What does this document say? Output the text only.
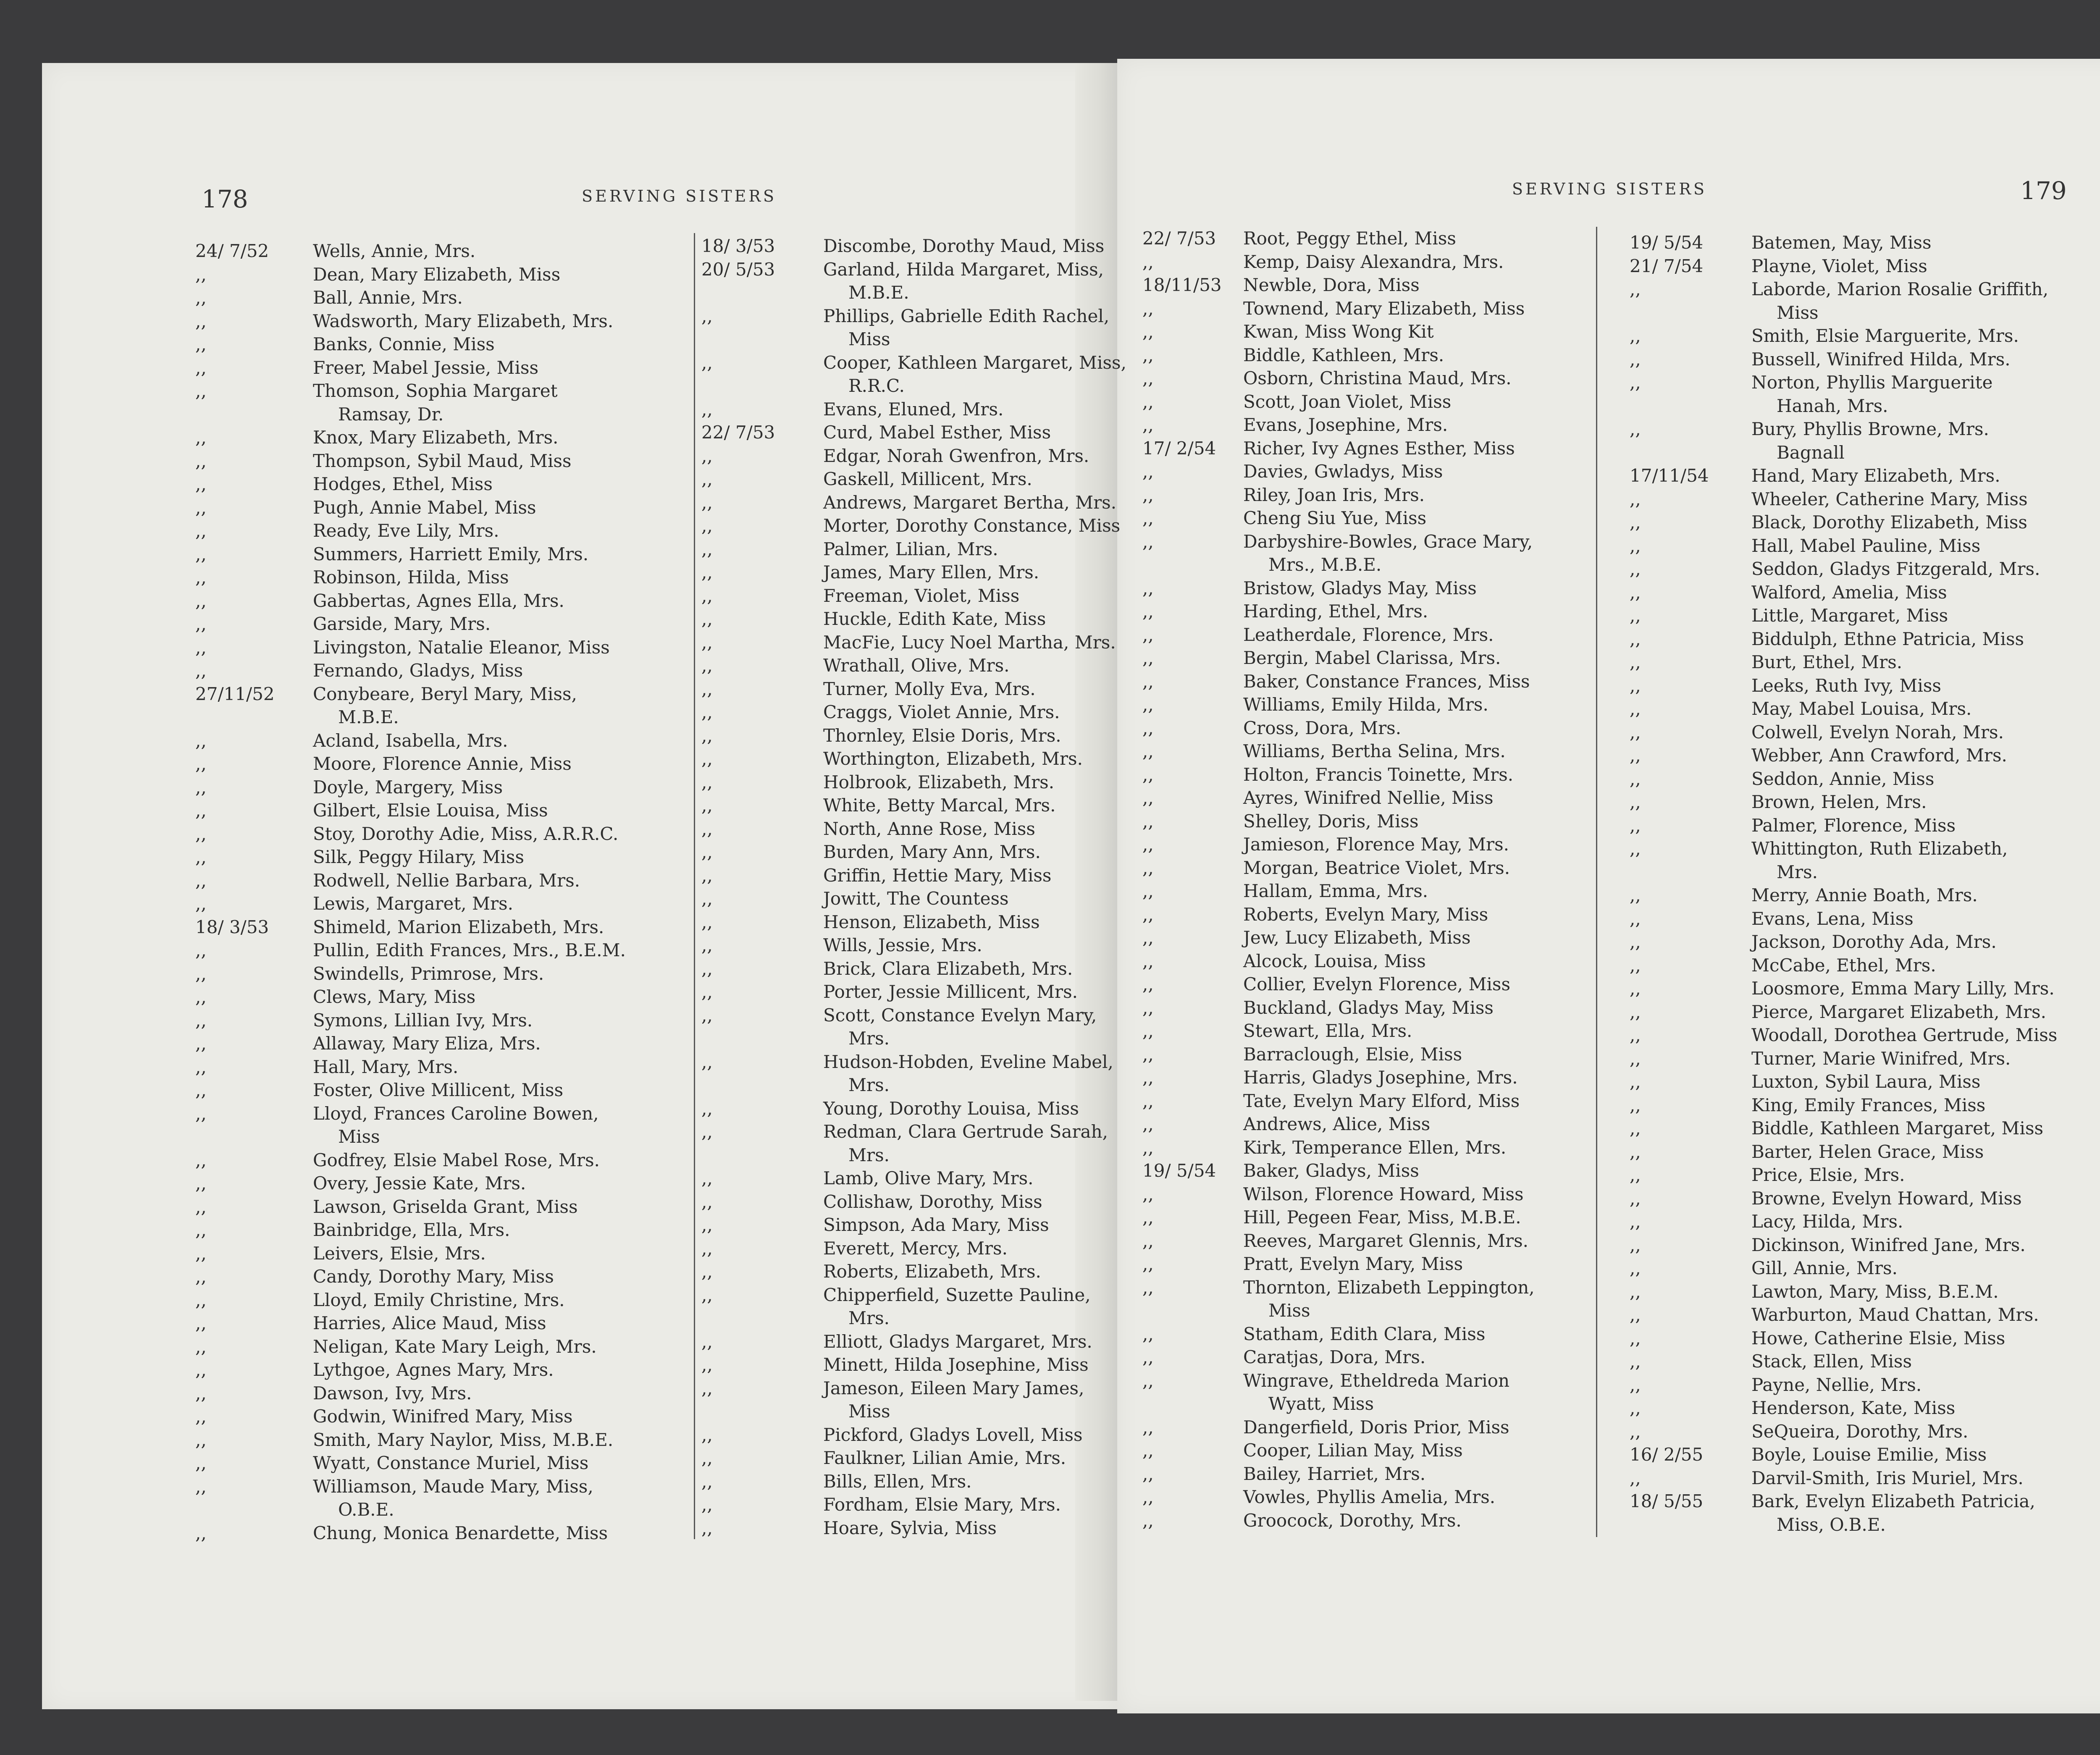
178	SERVING SISTERS	179
SERVING SISTERS
24/ 7/52 Wells, Annie, Mrs.
,,	Dean, Mary Elizabeth, Miss
,,	Ball, Annie, Mrs.
,,	Wadsworth, Mary Elizabeth, Mrs.
,,	Banks, Connie, Miss
,,	Freer, Mabel Jessie, Miss
,,	Thomson, Sophia Margaret
Ramsay, Dr.
,,	Knox, Mary Elizabeth, Mrs.
,,	Thompson, Sybil Maud, Miss
,,	Hodges, Ethel, Miss
,,	Pugh, Annie Mabel, Miss
,,	Ready, Eve Lily, Mrs.
,,	Summers, Harriett Emily, Mrs.
,,	Robinson, Hilda, Miss
,,	Gabbertas, Agnes Ella, Mrs.
,,	Garside, Mary, Mrs.
,,	Livingston, Natalie Eleanor, Miss
,,	Fernando, Gladys, Miss
27/11/52 Conybeare, Beryl Mary, Miss,
M.B.E.
,,	Acland, Isabella, Mrs.
,,	Moore, Florence Annie, Miss
,,	Doyle, Margery, Miss
,,	Gilbert, Elsie Louisa, Miss
,,	Stoy, Dorothy Adie, Miss, A.R.R.C.
,,	Silk, Peggy Hilary, Miss
,,	Rodwell, Nellie Barbara, Mrs.
,,	Lewis, Margaret, Mrs.
18/ 3/53 Shimeld, Marion Elizabeth, Mrs.
,,	Pullin, Edith Frances, Mrs., B.E.M.
,,	Swindells, Primrose, Mrs.
,,	Clews, Mary, Miss
,,	Symons, Lillian Ivy, Mrs.
,,	Allaway, Mary Eliza, Mrs.
,,	Hall, Mary, Mrs.
,,	Foster, Olive Millicent, Miss
,,	Lloyd, Frances Caroline Bowen,
Miss
,,	Godfrey, Elsie Mabel Rose, Mrs.
,,	Overy, Jessie Kate, Mrs.
,,	Lawson, Griselda Grant, Miss
,,	Bainbridge, Ella, Mrs.
,,	Leivers, Elsie, Mrs.
,,	Candy, Dorothy Mary, Miss
,,	Lloyd, Emily Christine, Mrs.
,,	Harries, Alice Maud, Miss
,,	Neligan, Kate Mary Leigh, Mrs.
,,	Lythgoe, Agnes Mary, Mrs.
,,	Dawson, Ivy, Mrs.
,,	Godwin, Winifred Mary, Miss
,,	Smith, Mary Naylor, Miss, M.B.E.
,,	Wyatt, Constance Muriel, Miss
,,	Williamson, Maude Mary, Miss,
O.B.E.
,,	Chung, Monica Benardette, Miss
18/ 3/53	Discombe, Dorothy Maud, Miss
20/ 5/53	Garland, Hilda Margaret, Miss,
M.B.E.
,,	Phillips, Gabrielle Edith Rachel,
Miss
,,	Cooper, Kathleen Margaret, Miss,
R.R.C.
,,	Evans, Eluned, Mrs.
22/ 7/53	Curd, Mabel Esther, Miss
,,	Edgar, Norah Gwenfron, Mrs.
,,	Gaskell, Millicent, Mrs.
,,	Andrews, Margaret Bertha, Mrs.
,,	Morter, Dorothy Constance, Miss
,,	Palmer, Lilian, Mrs.
,,	James, Mary Ellen, Mrs.
,,	Freeman, Violet, Miss
,,	Huckle, Edith Kate, Miss
,,	MacFie, Lucy Noel Martha, Mrs.
,,	Wrathall, Olive, Mrs.
,,	Turner, Molly Eva, Mrs.
,,	Craggs, Violet Annie, Mrs.
,,	Thornley, Elsie Doris, Mrs.
,,	Worthington, Elizabeth, Mrs.
,,	Holbrook, Elizabeth, Mrs.
,,	White, Betty Marcal, Mrs.
,,	North, Anne Rose, Miss
,,	Burden, Mary Ann, Mrs.
,,	Griffin, Hettie Mary, Miss
,,	Jowitt, The Countess
,,	Henson, Elizabeth, Miss
,,	Wills, Jessie, Mrs.
,,	Brick, Clara Elizabeth, Mrs.
,,	Porter, Jessie Millicent, Mrs.
,,	Scott, Constance Evelyn Mary,
Mrs.
,,	Hudson-Hobden, Eveline Mabel,
Mrs.
,,	Young, Dorothy Louisa, Miss
,,	Redman, Clara Gertrude Sarah,
Mrs.
,,	Lamb, Olive Mary, Mrs.
,,	Collishaw, Dorothy, Miss
,,	Simpson, Ada Mary, Miss
,,	Everett, Mercy, Mrs.
,,	Roberts, Elizabeth, Mrs.
,,	Chipperfield, Suzette Pauline,
Mrs.
,,	Elliott, Gladys Margaret, Mrs.
,,	Minett, Hilda Josephine, Miss
,,	Jameson, Eileen Mary James,
Miss
,,	Pickford, Gladys Lovell, Miss
,,	Faulkner, Lilian Amie, Mrs.
,,	Bills, Ellen, Mrs.
,,	Fordham, Elsie Mary, Mrs.
,,	Hoare, Sylvia, Miss
22/ 7/53 Root, Peggy Ethel, Miss
,,	Kemp, Daisy Alexandra, Mrs.
18/11/53 Newble, Dora, Miss
,,	Townend, Mary Elizabeth, Miss
,,	Kwan, Miss Wong Kit
,,	Biddle, Kathleen, Mrs.
,,	Osborn, Christina Maud, Mrs.
,,	Scott, Joan Violet, Miss
,,	Evans, Josephine, Mrs.
17/ 2/54 Richer, Ivy Agnes Esther, Miss
,,	Davies, Gwladys, Miss
,,	Riley, Joan Iris, Mrs.
,,	Cheng Siu Yue, Miss
,,	Darbyshire-Bowles, Grace Mary,
Mrs., M.B.E.
,,	Bristow, Gladys May, Miss
,,	Harding, Ethel, Mrs.
,,	Leatherdale, Florence, Mrs.
,,	Bergin, Mabel Clarissa, Mrs.
,,	Baker, Constance Frances, Miss
,,	Williams, Emily Hilda, Mrs.
,,	Cross, Dora, Mrs.
,,	Williams, Bertha Selina, Mrs.
,,	Holton, Francis Toinette, Mrs.
,,	Ayres, Winifred Nellie, Miss
,,	Shelley, Doris, Miss
,,	Jamieson, Florence May, Mrs.
,,	Morgan, Beatrice Violet, Mrs.
,,	Hallam, Emma, Mrs.
,,	Roberts, Evelyn Mary, Miss
,,	Jew, Lucy Elizabeth, Miss
,,	Alcock, Louisa, Miss
,,	Collier, Evelyn Florence, Miss
,,	Buckland, Gladys May, Miss
,,	Stewart, Ella, Mrs.
,,	Barraclough, Elsie, Miss
,,	Harris, Gladys Josephine, Mrs.
,,	Tate, Evelyn Mary Elford, Miss
,,	Andrews, Alice, Miss
,,	Kirk, Temperance Ellen, Mrs.
19/ 5/54 Baker, Gladys, Miss
,,	Wilson, Florence Howard, Miss
,,	Hill, Pegeen Fear, Miss, M.B.E.
,,	Reeves, Margaret Glennis, Mrs.
,,	Pratt, Evelyn Mary, Miss
,,	Thornton, Elizabeth Leppington,
Miss
,,	Statham, Edith Clara, Miss
,,	Caratjas, Dora, Mrs.
,,	Wingrave, Etheldreda Marion
Wyatt, Miss
,,	Dangerfield, Doris Prior, Miss
,,	Cooper, Lilian May, Miss
,,	Bailey, Harriet, Mrs.
,,	Vowles, Phyllis Amelia, Mrs.
,,	Groocock, Dorothy, Mrs.
19/ 5/54	Batemen, May, Miss
21/ 7/54	Playne, Violet, Miss
,,	Laborde, Marion Rosalie Griffith,
Miss
,,	Smith, Elsie Marguerite, Mrs.
,,	Bussell, Winifred Hilda, Mrs.
,,	Norton, Phyllis Marguerite
Hanah, Mrs.
,,	Bury, Phyllis Browne, Mrs.
Bagnall
17/11/54 Hand, Mary Elizabeth, Mrs.
,,	Wheeler, Catherine Mary, Miss
,,	Black, Dorothy Elizabeth, Miss
,,	Hall, Mabel Pauline, Miss
,,	Seddon, Gladys Fitzgerald, Mrs.
,,	Walford, Amelia, Miss
,,	Little, Margaret, Miss
,,	Biddulph, Ethne Patricia, Miss
,,	Burt, Ethel, Mrs.
,,	Leeks, Ruth Ivy, Miss
,,	May, Mabel Louisa, Mrs.
,,	Colwell, Evelyn Norah, Mrs.
,,	Webber, Ann Crawford, Mrs.
,,	Seddon, Annie, Miss
,,	Brown, Helen, Mrs.
,,	Palmer, Florence, Miss
,,	Whittington, Ruth Elizabeth,
Mrs.
,,	Merry, Annie Boath, Mrs.
,,	Evans, Lena, Miss
,,	Jackson, Dorothy Ada, Mrs.
,,	McCabe, Ethel, Mrs.
,,	Loosmore, Emma Mary Lilly, Mrs.
,,	Pierce, Margaret Elizabeth, Mrs.
,,	Woodall, Dorothea Gertrude, Miss
,,	Turner, Marie Winifred, Mrs.
,,	Luxton, Sybil Laura, Miss
,,	King, Emily Frances, Miss
,,	Biddle, Kathleen Margaret, Miss
,,	Barter, Helen Grace, Miss
,,	Price, Elsie, Mrs.
,,	Browne, Evelyn Howard, Miss
,,	Lacy, Hilda, Mrs.
,,	Dickinson, Winifred Jane, Mrs.
,,	Gill, Annie, Mrs.
,,	Lawton, Mary, Miss, B.E.M.
,,	Warburton, Maud Chattan, Mrs.
,,	Howe, Catherine Elsie, Miss
,,	Stack, Ellen, Miss
,,	Payne, Nellie, Mrs.
,,	Henderson, Kate, Miss
,,	SeQueira, Dorothy, Mrs.
16/ 2/55	Boyle, Louise Emilie, Miss
,,	Darvil-Smith, Iris Muriel, Mrs.
18/ 5/55	Bark, Evelyn Elizabeth Patricia,
Miss, O.B.E.
